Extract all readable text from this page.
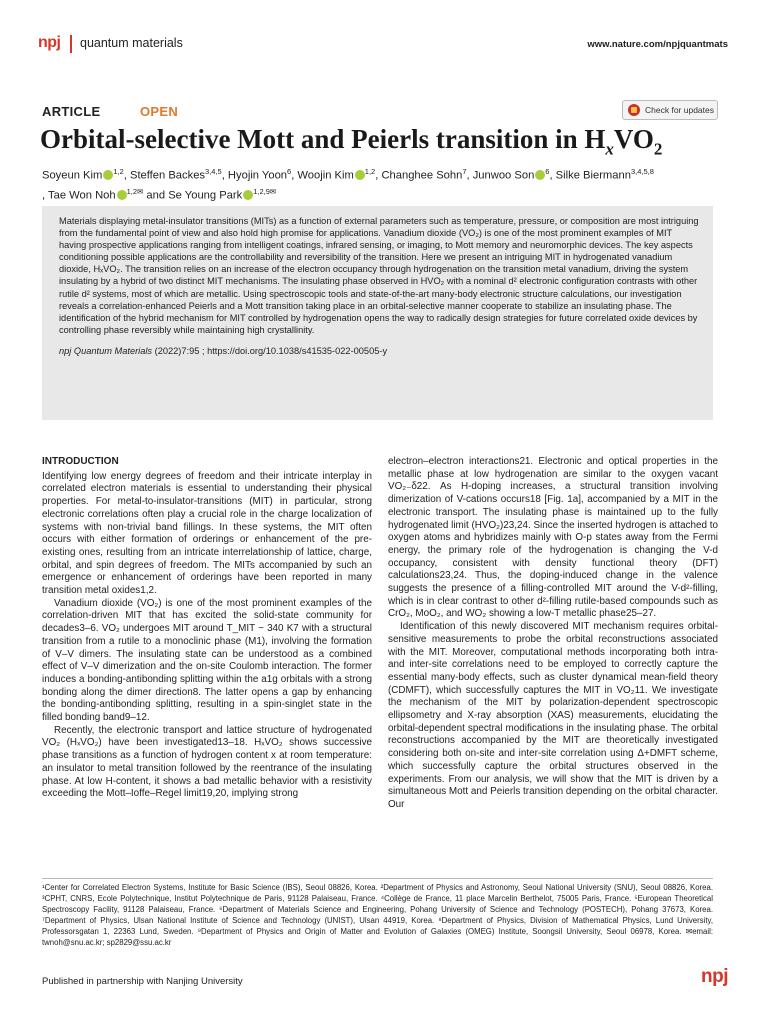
npj quantum materials	www.nature.com/npjquantmats
ARTICLE	OPEN	Check for updates
Orbital-selective Mott and Peierls transition in $H_xVO_2$
Soyeun Kim $^{1,2}$, Steffen Backes$^{3,4,5}$, Hyojin Yoon$^6$, Woojin Kim $^{1,2}$, Changhee Sohn$^7$, Junwoo Son $^6$, Silke Biermann$^{3,4,5,8}$
, Tae Won Noh $^{1,2✉}$ and Se Young Park $^{1,2,9✉}$

Materials displaying metal-insulator transitions (MITs) as a function of external parameters such as temperature, pressure, or composition are most intriguing from the fundamental point of view and also hold high promise for applications. Vanadium dioxide (VO₂) is one of the most prominent examples of MIT having prospective applications ranging from intelligent coatings, infrared sensing, or imaging, to Mott memory and neuromorphic devices. The key aspects conditioning possible applications are the controllability and reversibility of the transition. Here we present an intriguing MIT in hydrogenated vanadium dioxide, HₓVO₂. The transition relies on an increase of the electron occupancy through hydrogenation on the transition metal vanadium, driving the system insulating by a hybrid of two distinct MIT mechanisms. The insulating phase observed in HVO₂ with a nominal d² electronic configuration contrasts with other rutile d² systems, most of which are metallic. Using spectroscopic tools and state-of-the-art many-body electronic structure calculations, our investigation reveals a correlation-enhanced Peierls and a Mott transition taking place in an orbital-selective manner cooperate to stabilize an insulating phase. The identification of the hybrid mechanism for MIT controlled by hydrogenation opens the way to radically design strategies for future correlated oxide devices by controlling phase reversibly while maintaining high crystallinity.

npj Quantum Materials (2022)7:95 ; https://doi.org/10.1038/s41535-022-00505-y

INTRODUCTION

Identifying low energy degrees of freedom and their intricate interplay in correlated electron materials is essential to understanding their physical properties. For metal-to-insulator-transitions (MIT) in particular, strong electronic correlations often play a crucial role in the charge localization of systems with non-trivial band fillings. In these systems, the MIT often occurs with either formation of orderings or enhancement of the pre-existing ones, resulting from an intricate interrelationship of lattice, charge, orbital, and spin degrees of freedom. The MITs accompanied by such an emergence or enhancement of orderings have been reported in many transition metal oxides1,2.

Vanadium dioxide (VO₂) is one of the most prominent examples of the correlation-driven MIT that has excited the solid-state community for decades3–6. VO₂ undergoes MIT around T_MIT ~ 340 K7 with a structural transition from a rutile to a monoclinic phase (M1), involving the formation of V–V dimers. The insulating state can be understood as a combined effect of V–V dimerization and the on-site Coulomb interaction. The former induces a bonding-antibonding splitting within the a1g orbitals with a strong bonding along the dimer direction8. The latter opens a gap by enhancing the bonding-antibonding splitting, resulting in a spin-singlet state in the filled bonding band9–12.

Recently, the electronic transport and lattice structure of hydrogenated VO₂ (HₓVO₂) have been investigated13–18. HₓVO₂ shows successive phase transitions as a function of hydrogen content x at room temperature: an insulator to metal transition followed by the reentrance of the insulating phase. At low H-content, it shows a bad metallic behavior with a resistivity exceeding the Mott–Ioffe–Regel limit19,20, implying strong

electron–electron interactions21. Electronic and optical properties in the metallic phase at low hydrogenation are similar to the oxygen vacant VO₂₋δ22. As H-doping increases, a structural transition involving dimerization of V-cations occurs18 [Fig. 1a], accompanied by a MIT in the electronic transport. The insulating phase is maintained up to the fully hydrogenated limit (HVO₂)23,24. Since the inserted hydrogen is attached to oxygen atoms and hybridizes mainly with O-p states away from the Fermi energy, the primary role of the hydrogenation is changing the V-d occupancy, consistent with density functional theory (DFT) calculations23,24. Thus, the doping-induced change in the valence suggests the presence of a filling-controlled MIT around the V-d²-filling, which is in clear contrast to other d²-filling rutile-based compounds such as CrO₂, MoO₂, and WO₂ showing a low-T metallic phase25–27.

Identification of this newly discovered MIT mechanism requires orbital-sensitive measurements to probe the orbital reconstructions associated with the MIT. Moreover, computational methods incorporating both intra- and inter-site correlations need to be employed to correctly capture the essential many-body effects, such as cluster dynamical mean-field theory (CDMFT), which successfully captures the MIT in VO₂11. We investigate the mechanism of the MIT by polarization-dependent spectroscopic ellipsometry and X-ray absorption (XAS) measurements, elucidating the orbital-dependent spectral modifications in the insulating phase. The orbital reconstructions accompanied by the MIT are theoretically investigated considering both on-site and inter-site correlation using Δ+DMFT scheme, which successfully capture the orbital structures observed in the experiments. From our analysis, we will show that the MIT is driven by a simultaneous Mott and Peierls transition depending on the orbital character. Our

¹Center for Correlated Electron Systems, Institute for Basic Science (IBS), Seoul 08826, Korea. ²Department of Physics and Astronomy, Seoul National University (SNU), Seoul 08826, Korea. ³CPHT, CNRS, Ecole Polytechnique, Institut Polytechnique de Paris, 91128 Palaiseau, France. ⁴Collège de France, 11 place Marcelin Berthelot, 75005 Paris, France. ⁵European Theoretical Spectroscopy Facility, 91128 Palaiseau, France. ⁶Department of Materials Science and Engineering, Pohang University of Science and Technology (POSTECH), Pohang 37673, Korea. ⁷Department of Physics, Ulsan National Institute of Science and Technology (UNIST), Ulsan 44919, Korea. ⁸Department of Physics, Division of Mathematical Physics, Lund University, Professorsgatan 1, 22363 Lund, Sweden. ⁹Department of Physics and Origin of Matter and Evolution of Galaxies (OMEG) Institute, Soongsil University, Seoul 06978, Korea. ✉email: twnoh@snu.ac.kr; sp2829@ssu.ac.kr
Published in partnership with Nanjing University	npj
